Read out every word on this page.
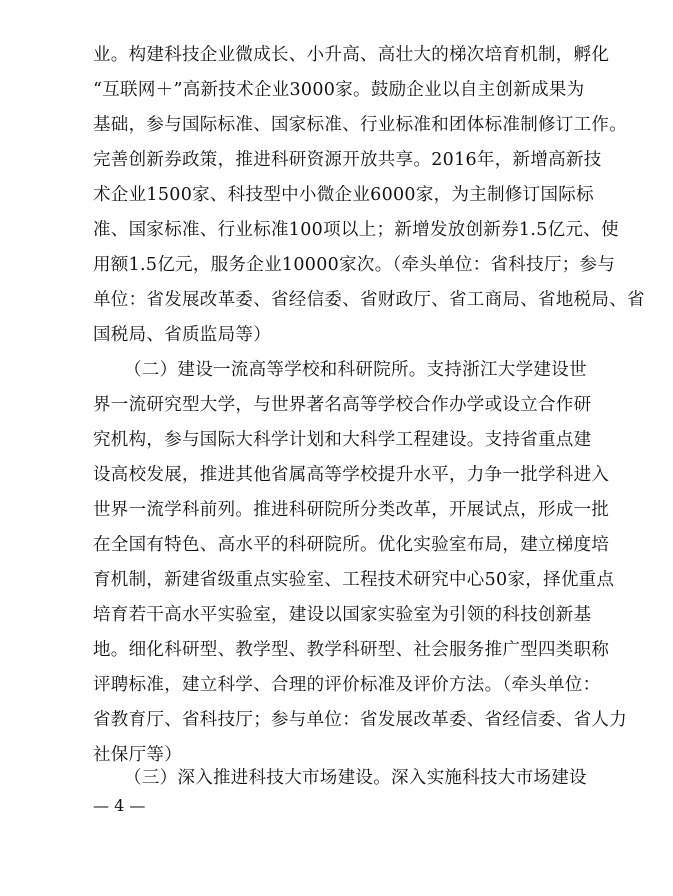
业。构建科技企业微成长、小升高、高壮大的梯次培育机制，孵化
“互联网＋”高新技术企业3000家。鼓励企业以自主创新成果为
基础，参与国际标准、国家标准、行业标准和团体标准制修订工作。
完善创新券政策，推进科研资源开放共享。2016年，新增高新技
术企业1500家、科技型中小微企业6000家，为主制修订国际标
准、国家标准、行业标准100项以上；新增发放创新券1.5亿元、使
用额1.5亿元，服务企业10000家次。（牵头单位：省科技厅；参与
单位：省发展改革委、省经信委、省财政厅、省工商局、省地税局、省
国税局、省质监局等）
（二）建设一流高等学校和科研院所。支持浙江大学建设世
界一流研究型大学，与世界著名高等学校合作办学或设立合作研
究机构，参与国际大科学计划和大科学工程建设。支持省重点建
设高校发展，推进其他省属高等学校提升水平，力争一批学科进入
世界一流学科前列。推进科研院所分类改革，开展试点，形成一批
在全国有特色、高水平的科研院所。优化实验室布局，建立梯度培
育机制，新建省级重点实验室、工程技术研究中心50家，择优重点
培育若干高水平实验室，建设以国家实验室为引领的科技创新基
地。细化科研型、教学型、教学科研型、社会服务推广型四类职称
评聘标准，建立科学、合理的评价标准及评价方法。（牵头单位：
省教育厅、省科技厅；参与单位：省发展改革委、省经信委、省人力
社保厅等）
（三）深入推进科技大市场建设。深入实施科技大市场建设
— 4 —
